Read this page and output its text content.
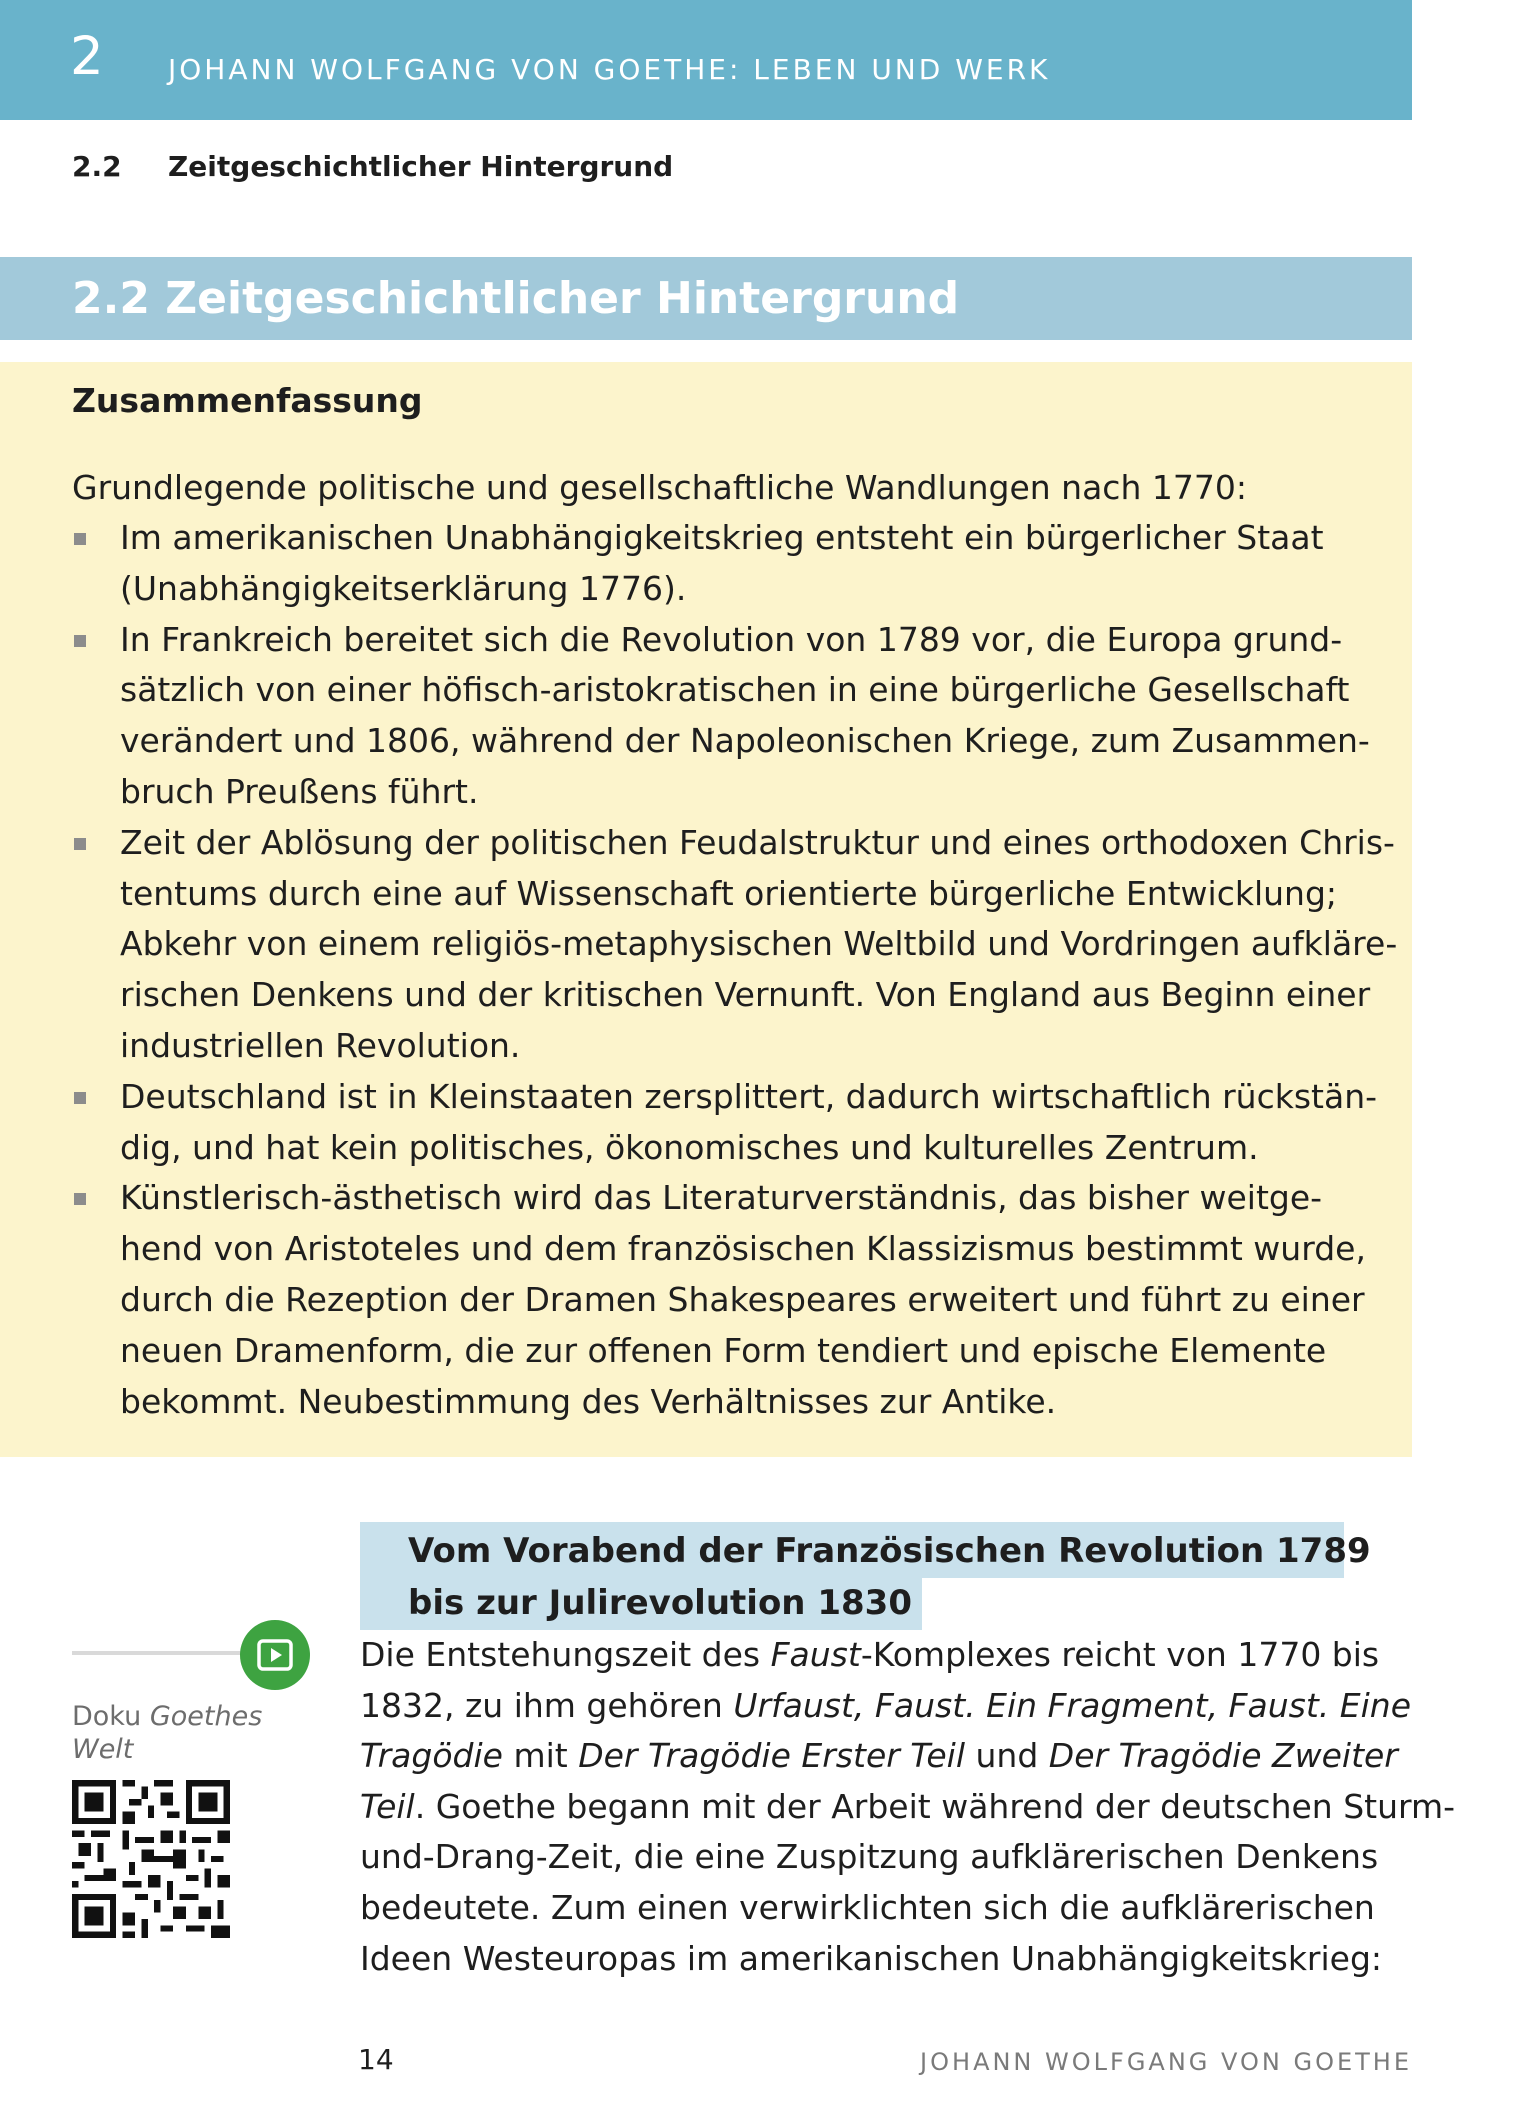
2 JOHANN WOLFGANG VON GOETHE: LEBEN UND WERK
2.2 Zeitgeschichtlicher Hintergrund
2.2 Zeitgeschichtlicher Hintergrund
Zusammenfassung
Grundlegende politische und gesellschaftliche Wandlungen nach 1770:
Im amerikanischen Unabhängigkeitskrieg entsteht ein bürgerlicher Staat
(Unabhängigkeitserklärung 1776).
In Frankreich bereitet sich die Revolution von 1789 vor, die Europa grund-
sätzlich von einer höfisch-aristokratischen in eine bürgerliche Gesellschaft
verändert und 1806, während der Napoleonischen Kriege, zum Zusammen-
bruch Preußens führt.
Zeit der Ablösung der politischen Feudalstruktur und eines orthodoxen Chris-
tentums durch eine auf Wissenschaft orientierte bürgerliche Entwicklung;
Abkehr von einem religiös-metaphysischen Weltbild und Vordringen aufkläre-
rischen Denkens und der kritischen Vernunft. Von England aus Beginn einer
industriellen Revolution.
Deutschland ist in Kleinstaaten zersplittert, dadurch wirtschaftlich rückstän-
dig, und hat kein politisches, ökonomisches und kulturelles Zentrum.
Künstlerisch-ästhetisch wird das Literaturverständnis, das bisher weitge-
hend von Aristoteles und dem französischen Klassizismus bestimmt wurde,
durch die Rezeption der Dramen Shakespeares erweitert und führt zu einer
neuen Dramenform, die zur offenen Form tendiert und epische Elemente
bekommt. Neubestimmung des Verhältnisses zur Antike.
Doku Goethes
Welt
Vom Vorabend der Französischen Revolution 1789
bis zur Julirevolution 1830
Die Entstehungszeit des Faust-Komplexes reicht von 1770 bis
1832, zu ihm gehören Urfaust, Faust. Ein Fragment, Faust. Eine
Tragödie mit Der Tragödie Erster Teil und Der Tragödie Zweiter
Teil. Goethe begann mit der Arbeit während der deutschen Sturm-
und-Drang-Zeit, die eine Zuspitzung aufklärerischen Denkens
bedeutete. Zum einen verwirklichten sich die aufklärerischen
Ideen Westeuropas im amerikanischen Unabhängigkeitskrieg:
14	JOHANN WOLFGANG VON GOETHE
